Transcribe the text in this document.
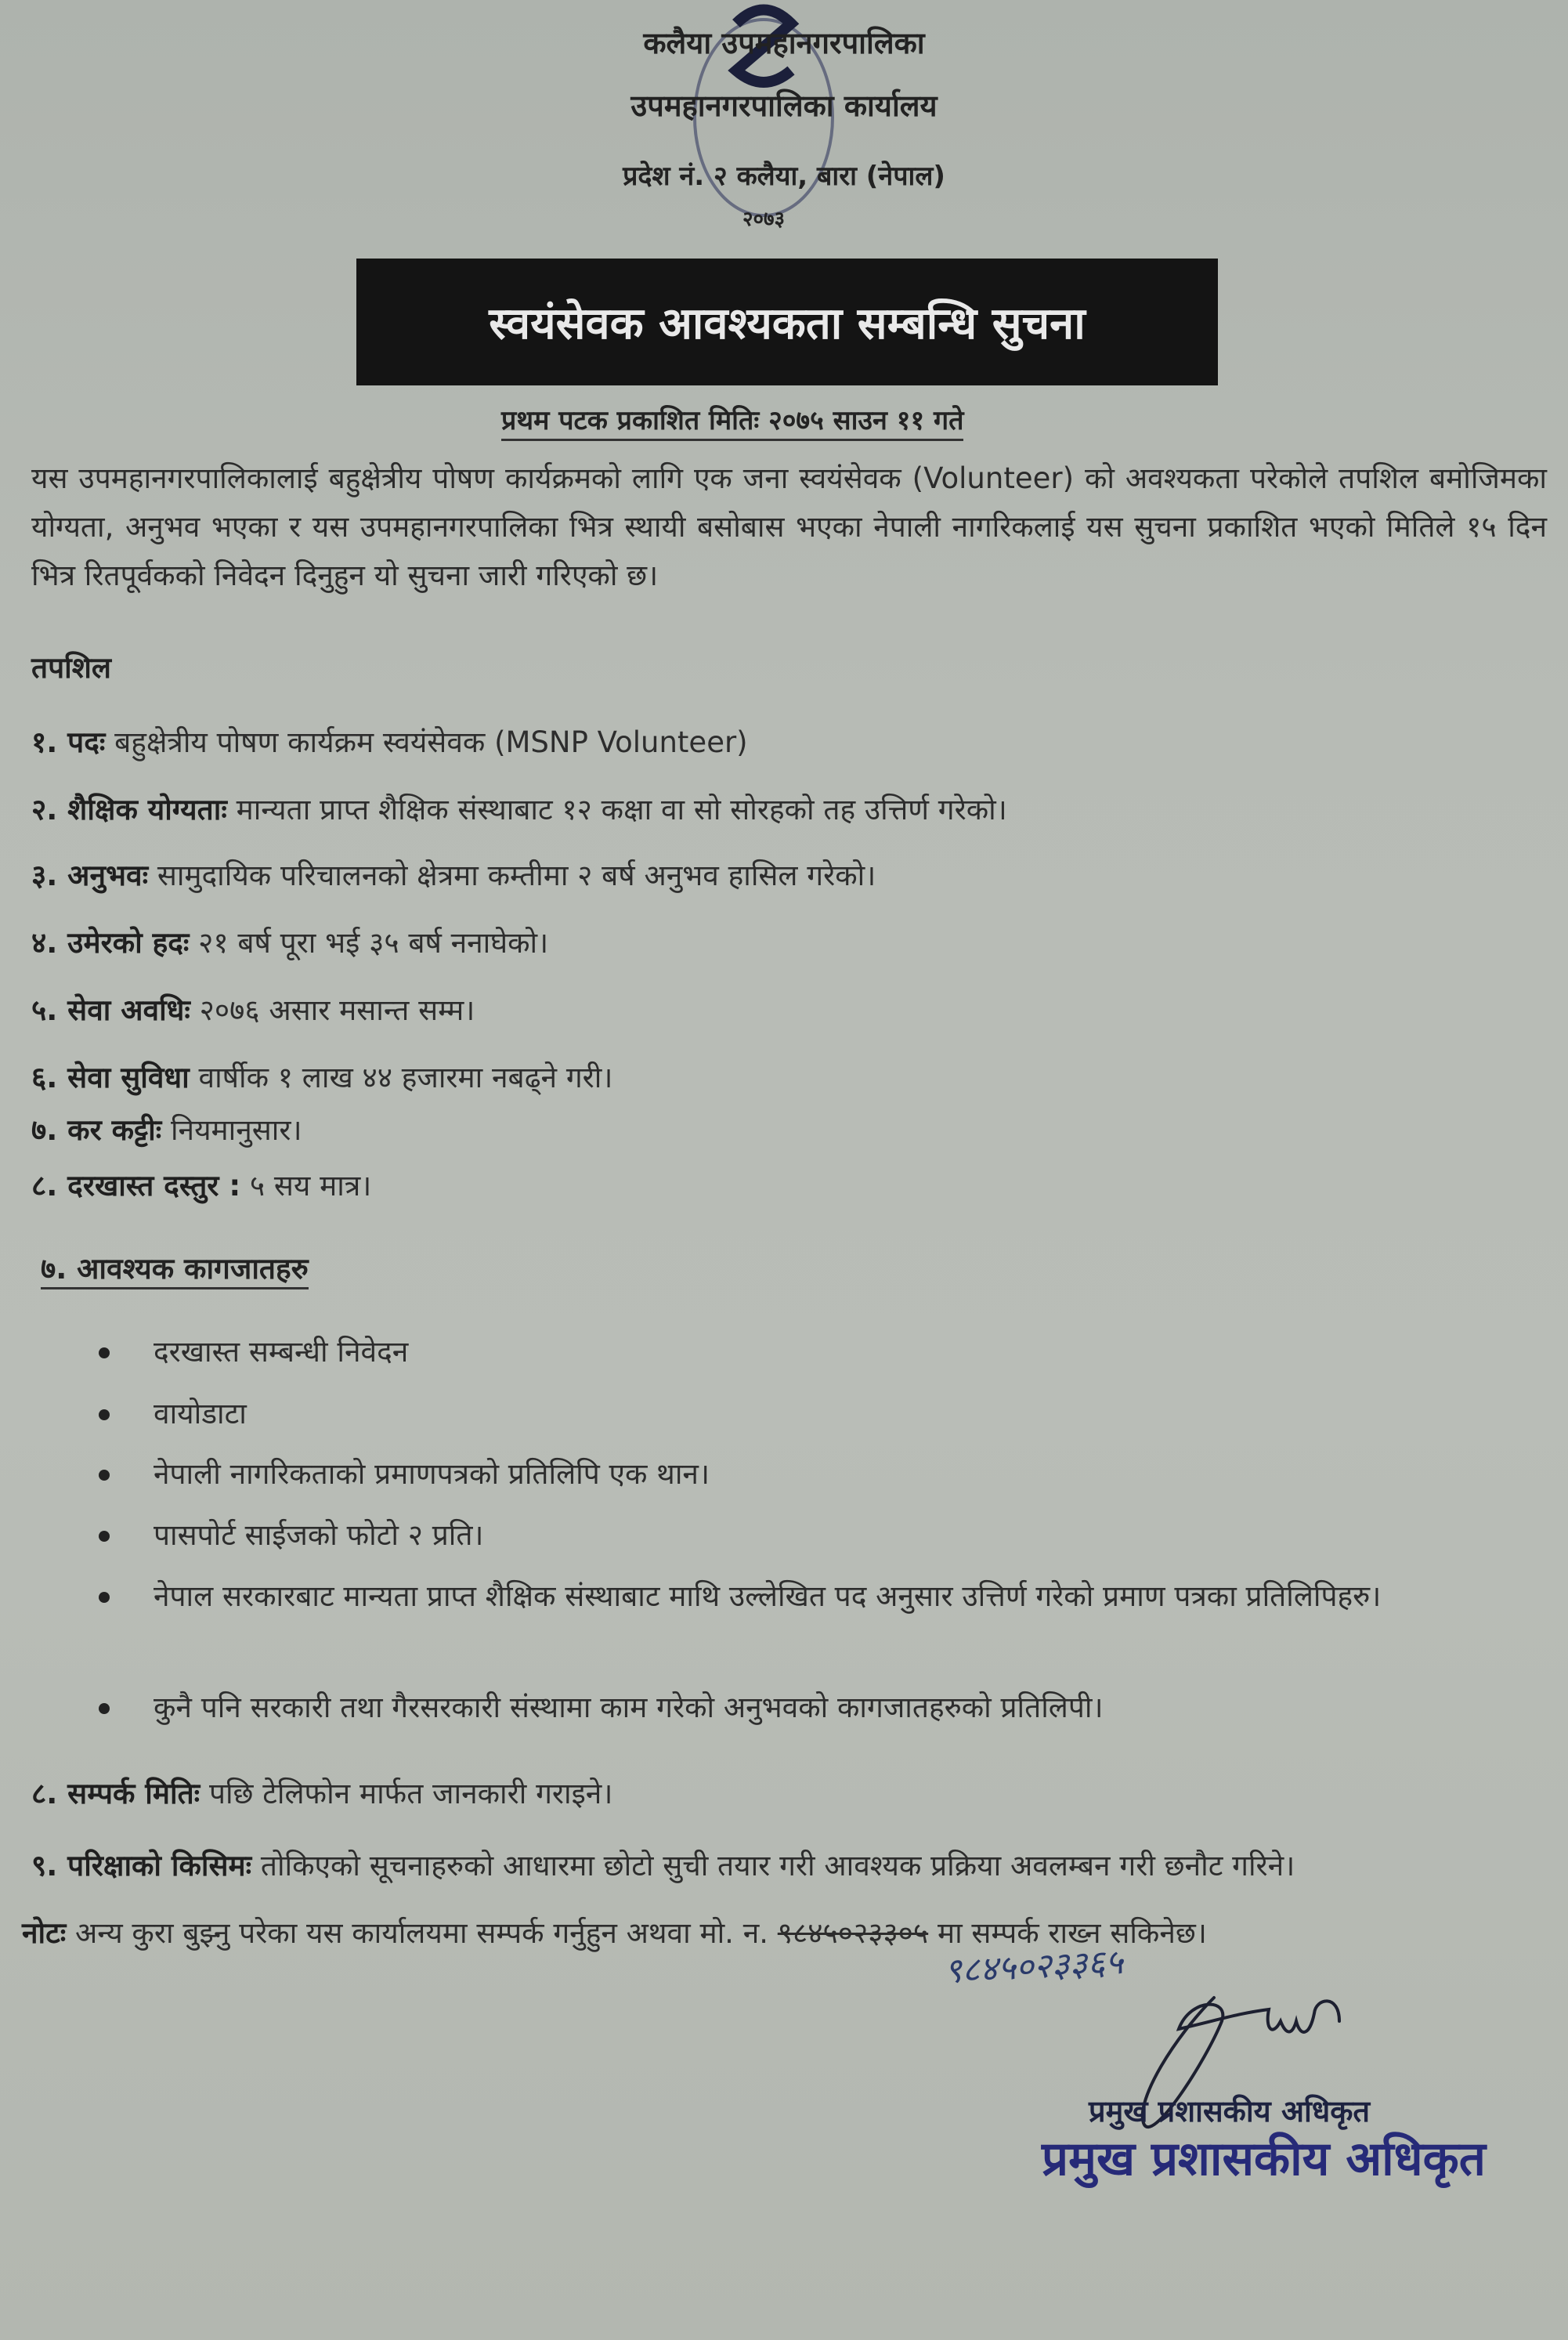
२०७३
कलैया उपमहानगरपालिका
उपमहानगरपालिका कार्यालय
प्रदेश नं. २ कलैया, बारा (नेपाल)
स्वयंसेवक आवश्यकता सम्बन्धि सुचना
प्रथम पटक प्रकाशित मितिः २०७५ साउन ११ गते
यस उपमहानगरपालिकालाई बहुक्षेत्रीय पोषण कार्यक्रमको लागि एक जना स्वयंसेवक (Volunteer) को अवश्यकता परेकोले तपशिल बमोजिमका योग्यता, अनुभव भएका र यस उपमहानगरपालिका भित्र स्थायी बसोबास भएका नेपाली नागरिकलाई यस सुचना प्रकाशित भएको मितिले १५ दिन भित्र रितपूर्वकको निवेदन दिनुहुन यो सुचना जारी गरिएको छ।
तपशिल
१. पदः बहुक्षेत्रीय पोषण कार्यक्रम स्वयंसेवक (MSNP Volunteer)
२. शैक्षिक योग्यताः मान्यता प्राप्त शैक्षिक संस्थाबाट १२ कक्षा वा सो सोरहको तह उत्तिर्ण गरेको।
३. अनुभवः सामुदायिक परिचालनको क्षेत्रमा कम्तीमा २ बर्ष अनुभव हासिल गरेको।
४. उमेरको हदः २१ बर्ष पूरा भई ३५ बर्ष ननाघेको।
५. सेवा अवधिः २०७६ असार मसान्त सम्म।
६. सेवा सुविधा वार्षीक १ लाख ४४ हजारमा नबढ्ने गरी।
७. कर कट्टीः नियमानुसार।
८. दरखास्त दस्तुर : ५ सय मात्र।
७. आवश्यक कागजातहरु
दरखास्त सम्बन्धी निवेदन
वायोडाटा
नेपाली नागरिकताको प्रमाणपत्रको प्रतिलिपि एक थान।
पासपोर्ट साईजको फोटो २ प्रति।
नेपाल सरकारबाट मान्यता प्राप्त शैक्षिक संस्थाबाट माथि उल्लेखित पद अनुसार उत्तिर्ण गरेको प्रमाण पत्रका प्रतिलिपिहरु।
कुनै पनि सरकारी तथा गैरसरकारी संस्थामा काम गरेको अनुभवको कागजातहरुको प्रतिलिपी।
८. सम्पर्क मितिः पछि टेलिफोन मार्फत जानकारी गराइने।
९. परिक्षाको किसिमः तोकिएको सूचनाहरुको आधारमा छोटो सुची तयार गरी आवश्यक प्रक्रिया अवलम्बन गरी छनौट गरिने।
नोटः अन्य कुरा बुझ्नु परेका यस कार्यालयमा सम्पर्क गर्नुहुन अथवा मो. न. ९८४५०२३३०५ मा सम्पर्क राख्न सकिनेछ।
९८४५०२३३६५
प्रमुख प्रशासकीय अधिकृत
प्रमुख प्रशासकीय अधिकृत
